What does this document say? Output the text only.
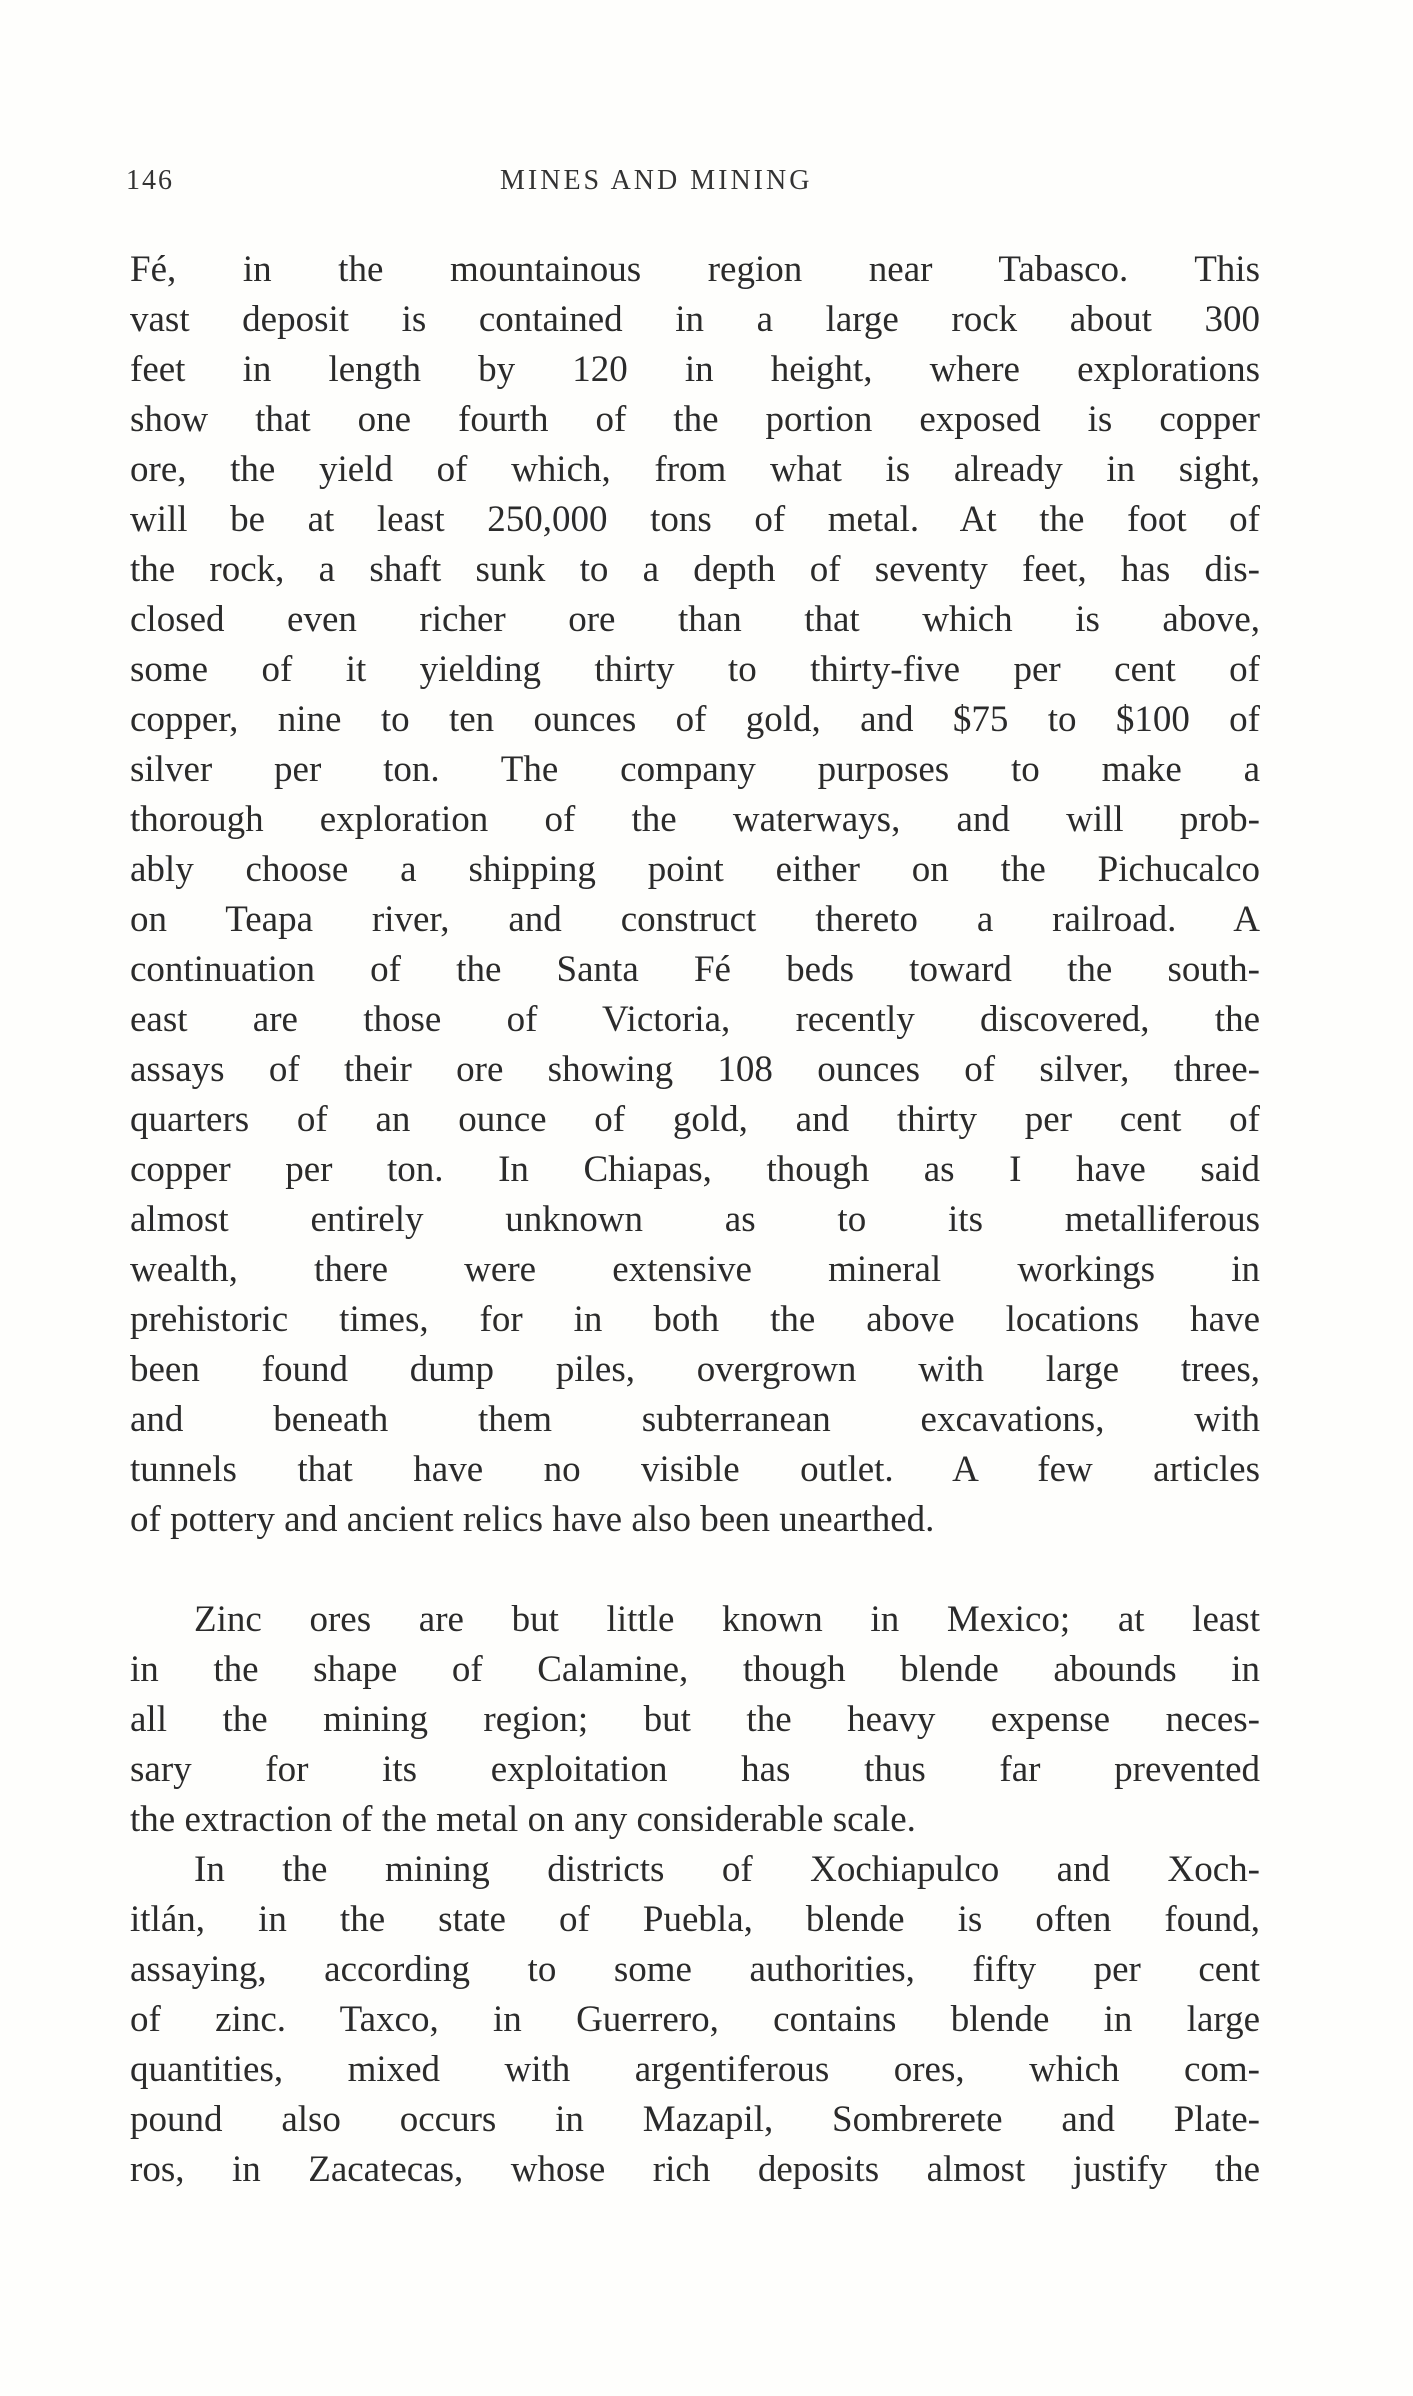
146	MINES AND MINING
Fé, in the mountainous region near Tabasco. This
vast deposit is contained in a large rock about 300
feet in length by 120 in height, where explorations
show that one fourth of the portion exposed is copper
ore, the yield of which, from what is already in sight,
will be at least 250,000 tons of metal. At the foot of
the rock, a shaft sunk to a depth of seventy feet, has dis-
closed even richer ore than that which is above,
some of it yielding thirty to thirty-five per cent of
copper, nine to ten ounces of gold, and $75 to $100 of
silver per ton. The company purposes to make a
thorough exploration of the waterways, and will prob-
ably choose a shipping point either on the Pichucalco
on Teapa river, and construct thereto a railroad. A
continuation of the Santa Fé beds toward the south-
east are those of Victoria, recently discovered, the
assays of their ore showing 108 ounces of silver, three-
quarters of an ounce of gold, and thirty per cent of
copper per ton. In Chiapas, though as I have said
almost entirely unknown as to its metalliferous
wealth, there were extensive mineral workings in
prehistoric times, for in both the above locations have
been found dump piles, overgrown with large trees,
and beneath them subterranean excavations, with
tunnels that have no visible outlet. A few articles
of pottery and ancient relics have also been unearthed.
Zinc ores are but little known in Mexico; at least
in the shape of Calamine, though blende abounds in
all the mining region; but the heavy expense neces-
sary for its exploitation has thus far prevented
the extraction of the metal on any considerable scale.
In the mining districts of Xochiapulco and Xoch-
itlán, in the state of Puebla, blende is often found,
assaying, according to some authorities, fifty per cent
of zinc. Taxco, in Guerrero, contains blende in large
quantities, mixed with argentiferous ores, which com-
pound also occurs in Mazapil, Sombrerete and Plate-
ros, in Zacatecas, whose rich deposits almost justify the
